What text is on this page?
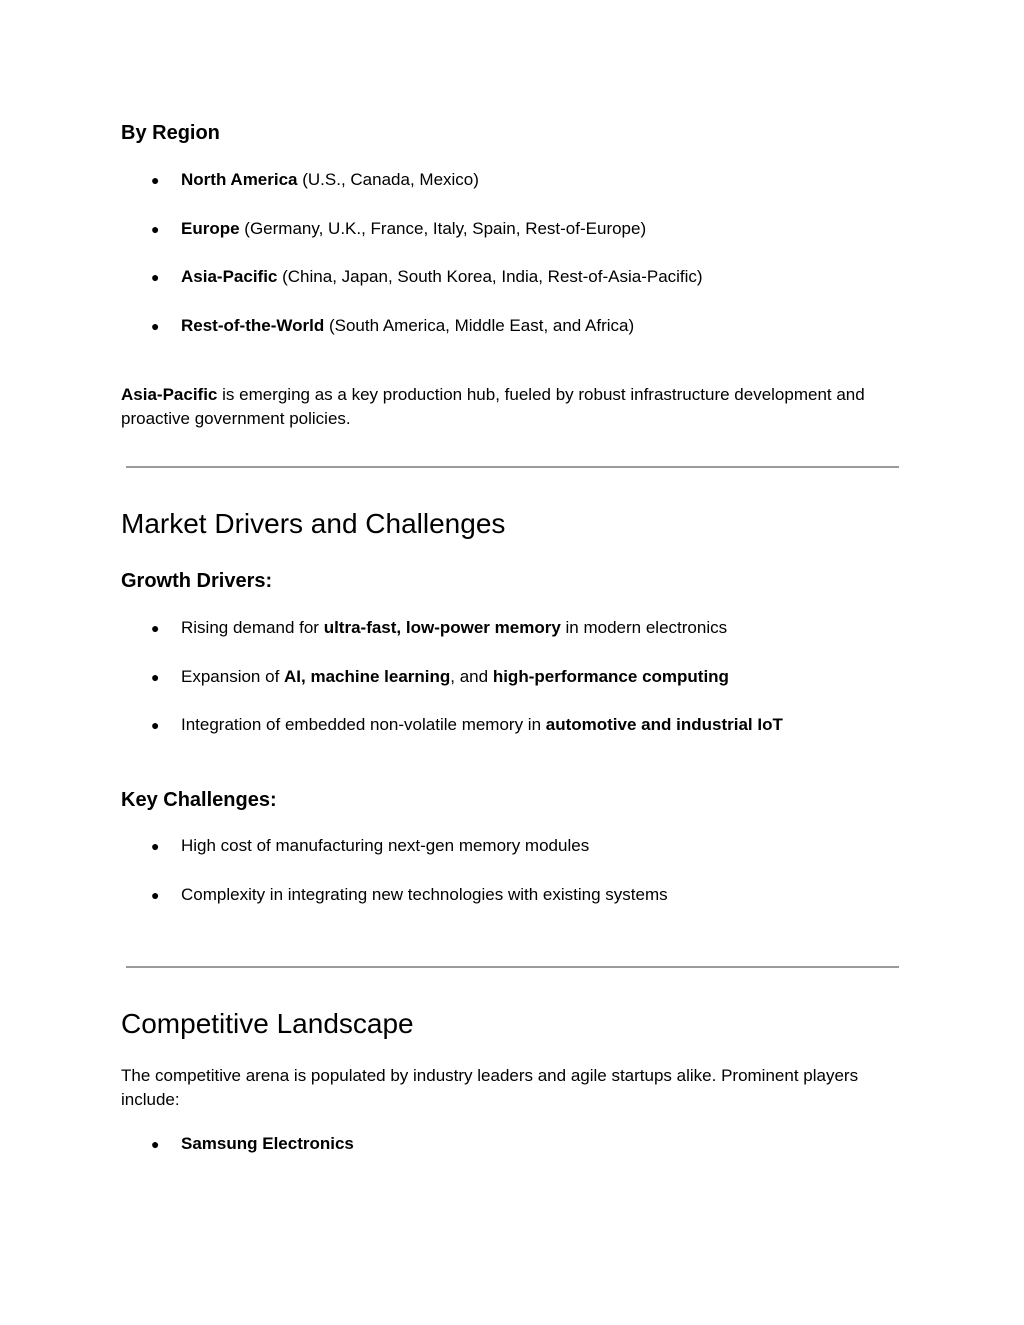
By Region
● North America (U.S., Canada, Mexico)
● Europe (Germany, U.K., France, Italy, Spain, Rest-of-Europe)
● Asia-Pacific (China, Japan, South Korea, India, Rest-of-Asia-Pacific)
● Rest-of-the-World (South America, Middle East, and Africa)

Asia-Pacific is emerging as a key production hub, fueled by robust infrastructure development and proactive government policies.

Market Drivers and Challenges
Growth Drivers:
● Rising demand for ultra-fast, low-power memory in modern electronics
● Expansion of AI, machine learning, and high-performance computing
● Integration of embedded non-volatile memory in automotive and industrial IoT
Key Challenges:
● High cost of manufacturing next-gen memory modules
● Complexity in integrating new technologies with existing systems
Competitive Landscape

The competitive arena is populated by industry leaders and agile startups alike. Prominent players include:

● Samsung Electronics
